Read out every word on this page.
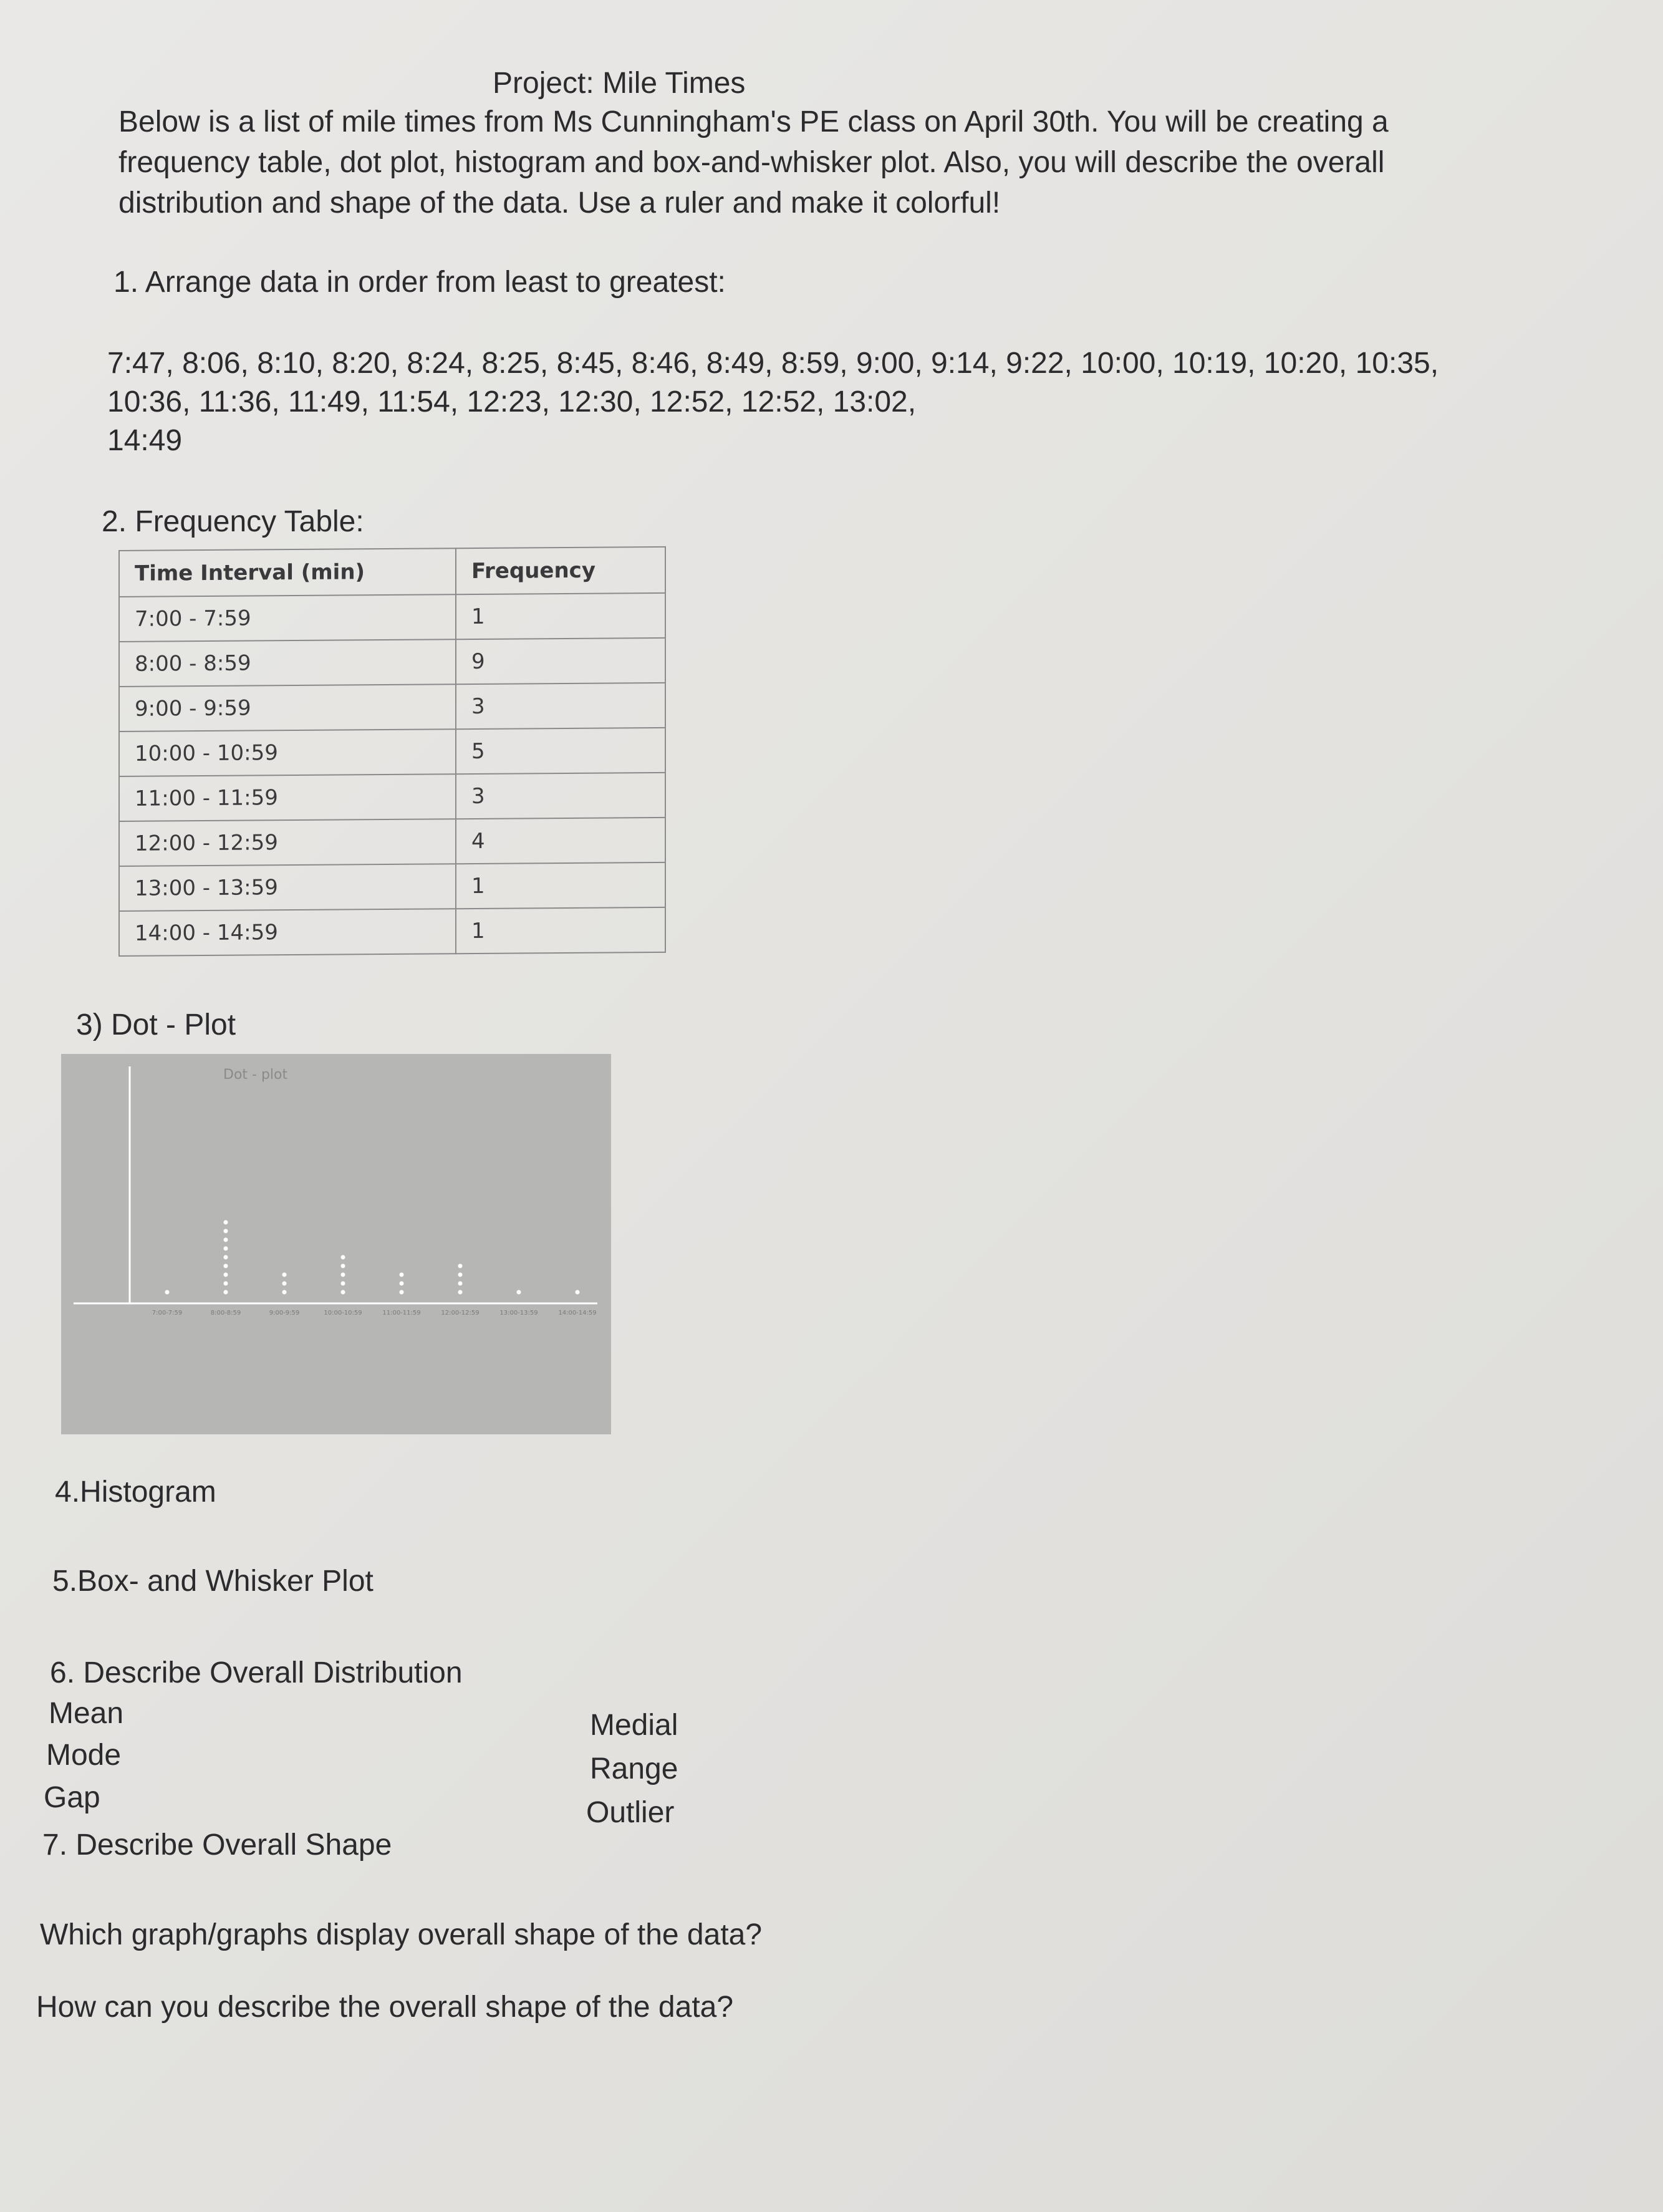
Project: Mile Times
Below is a list of mile times from Ms Cunningham's PE class on April 30th. You will be creating a frequency table, dot plot, histogram and box-and-whisker plot. Also, you will describe the overall distribution and shape of the data. Use a ruler and make it colorful!
1. Arrange data in order from least to greatest:
7:47, 8:06, 8:10, 8:20, 8:24, 8:25, 8:45, 8:46, 8:49, 8:59, 9:00, 9:14, 9:22, 10:00, 10:19, 10:20, 10:35,
10:36, 11:36, 11:49, 11:54, 12:23, 12:30, 12:52, 12:52, 13:02,
14:49
2. Frequency Table:
Time Interval (min)	Frequency
7:00 - 7:59	1
8:00 - 8:59	9
9:00 - 9:59	3
10:00 - 10:59	5
11:00 - 11:59	3
12:00 - 12:59	4
13:00 - 13:59	1
14:00 - 14:59	1
3) Dot - Plot
Dot - plot
7:00-7:59	8:00-8:59	9:00-9:59	10:00-10:59	11:00-11:59	12:00-12:59	13:00-13:59	14:00-14:59
4.Histogram
5.Box- and Whisker Plot
6. Describe Overall Distribution
Mean
Mode
Gap
Medial
Range
Outlier
7. Describe Overall Shape
Which graph/graphs display overall shape of the data?
How can you describe the overall shape of the data?
